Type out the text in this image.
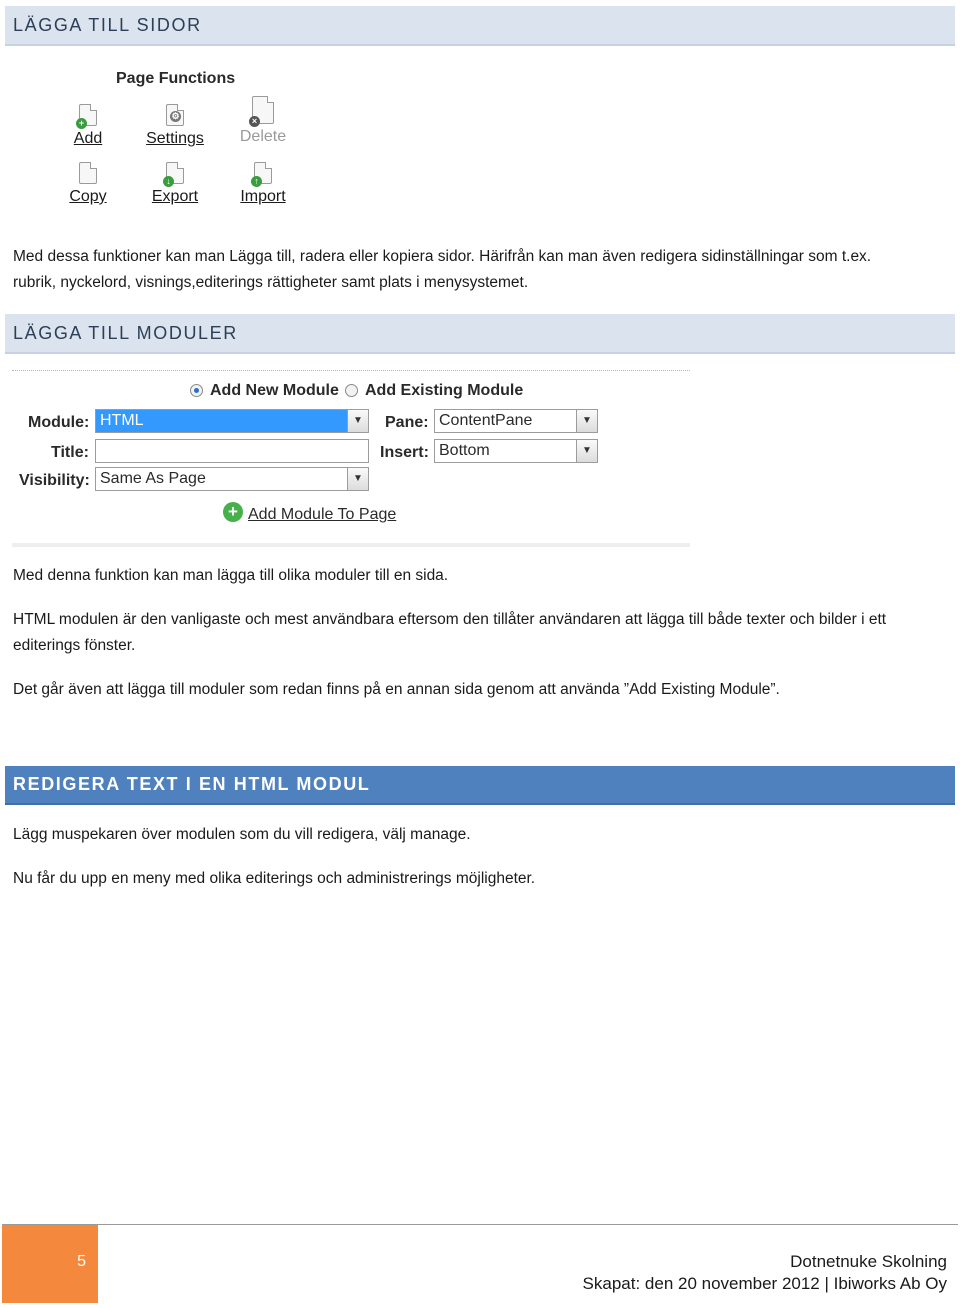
LÄGGA TILL SIDOR
Page Functions
+
Add
⚙
Settings
×
Delete
Copy
↓
Export
↑
Import

Med dessa funktioner kan man Lägga till, radera eller kopiera sidor. Härifrån kan man även redigera sidinställningar som t.ex.
rubrik, nyckelord, visnings,editerings rättigheter samt plats i menysystemet.

LÄGGA TILL MODULER
Add New Module Add Existing Module
Module: HTML	▼
Title:
Visibility: Same As Page	▼
Pane: ContentPane	▼
Insert: Bottom	▼
+ Add Module To Page

Med denna funktion kan man lägga till olika moduler till en sida.

HTML modulen är den vanligaste och mest användbara eftersom den tillåter användaren att lägga till både texter och bilder i ett editerings fönster.

Det går även att lägga till moduler som redan finns på en annan sida genom att använda ”Add Existing Module”.

REDIGERA TEXT I EN HTML MODUL

Lägg muspekaren över modulen som du vill redigera, välj manage.

Nu får du upp en meny med olika editerings och administrerings möjligheter.

5	Dotnetnuke Skolning
Skapat: den 20 november 2012 | Ibiworks Ab Oy
